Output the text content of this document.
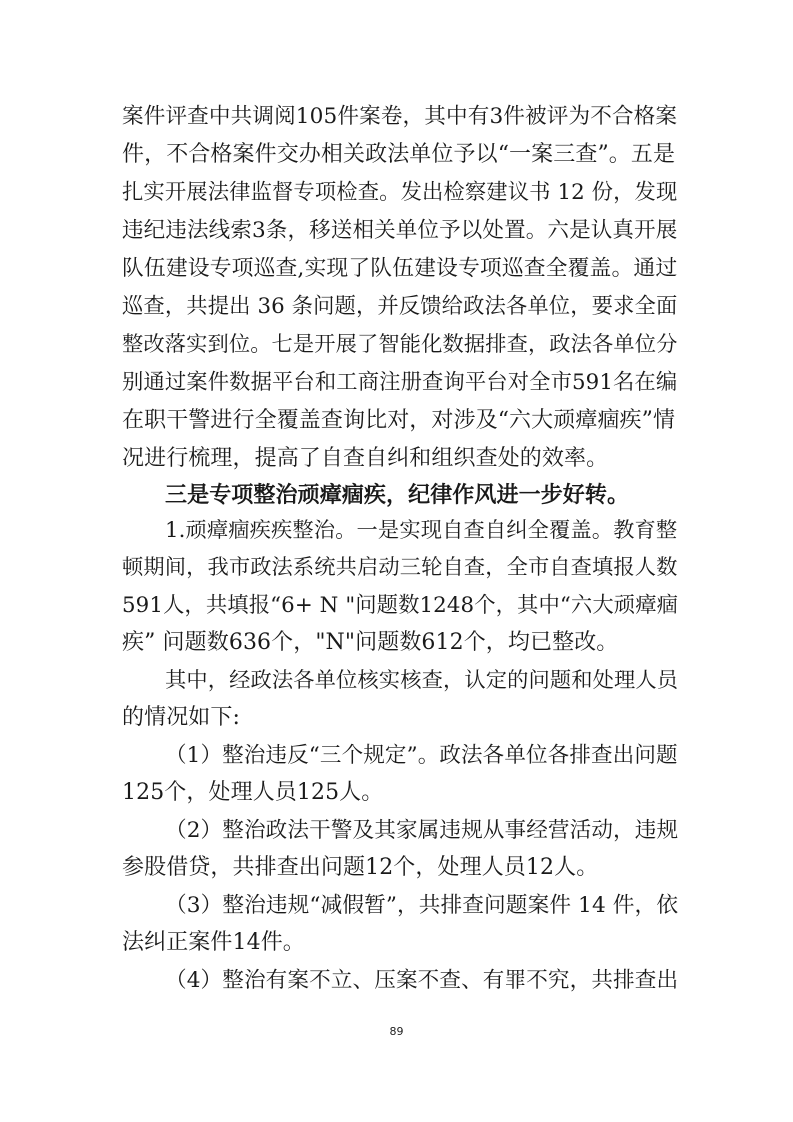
案件评查中共调阅105件案卷，其中有3件被评为不合格案
件，不合格案件交办相关政法单位予以“一案三查”。五是
扎实开展法律监督专项检查。发出检察建议书 12 份，发现
违纪违法线索3条，移送相关单位予以处置。六是认真开展
队伍建设专项巡查,实现了队伍建设专项巡查全覆盖。通过
巡查，共提出 36 条问题，并反馈给政法各单位，要求全面
整改落实到位。七是开展了智能化数据排查，政法各单位分
别通过案件数据平台和工商注册查询平台对全市591名在编
在职干警进行全覆盖查询比对，对涉及“六大顽瘴痼疾”情
况进行梳理，提高了自查自纠和组织查处的效率。
三是专项整治顽瘴痼疾，纪律作风进一步好转。
1.顽瘴痼疾疾整治。一是实现自查自纠全覆盖。教育整
顿期间，我市政法系统共启动三轮自查，全市自查填报人数
591人，共填报“6+ N "问题数1248个，其中“六大顽瘴痼
疾” 问题数636个，"N"问题数612个，均已整改。
其中，经政法各单位核实核查，认定的问题和处理人员
的情况如下:
（1）整治违反“三个规定”。政法各单位各排查出问题
125个，处理人员125人。
（2）整治政法干警及其家属违规从事经营活动，违规
参股借贷，共排查出问题12个，处理人员12人。
（3）整治违规“减假暂”，共排查问题案件 14 件，依
法纠正案件14件。
（4）整治有案不立、压案不查、有罪不究，共排查出
89
